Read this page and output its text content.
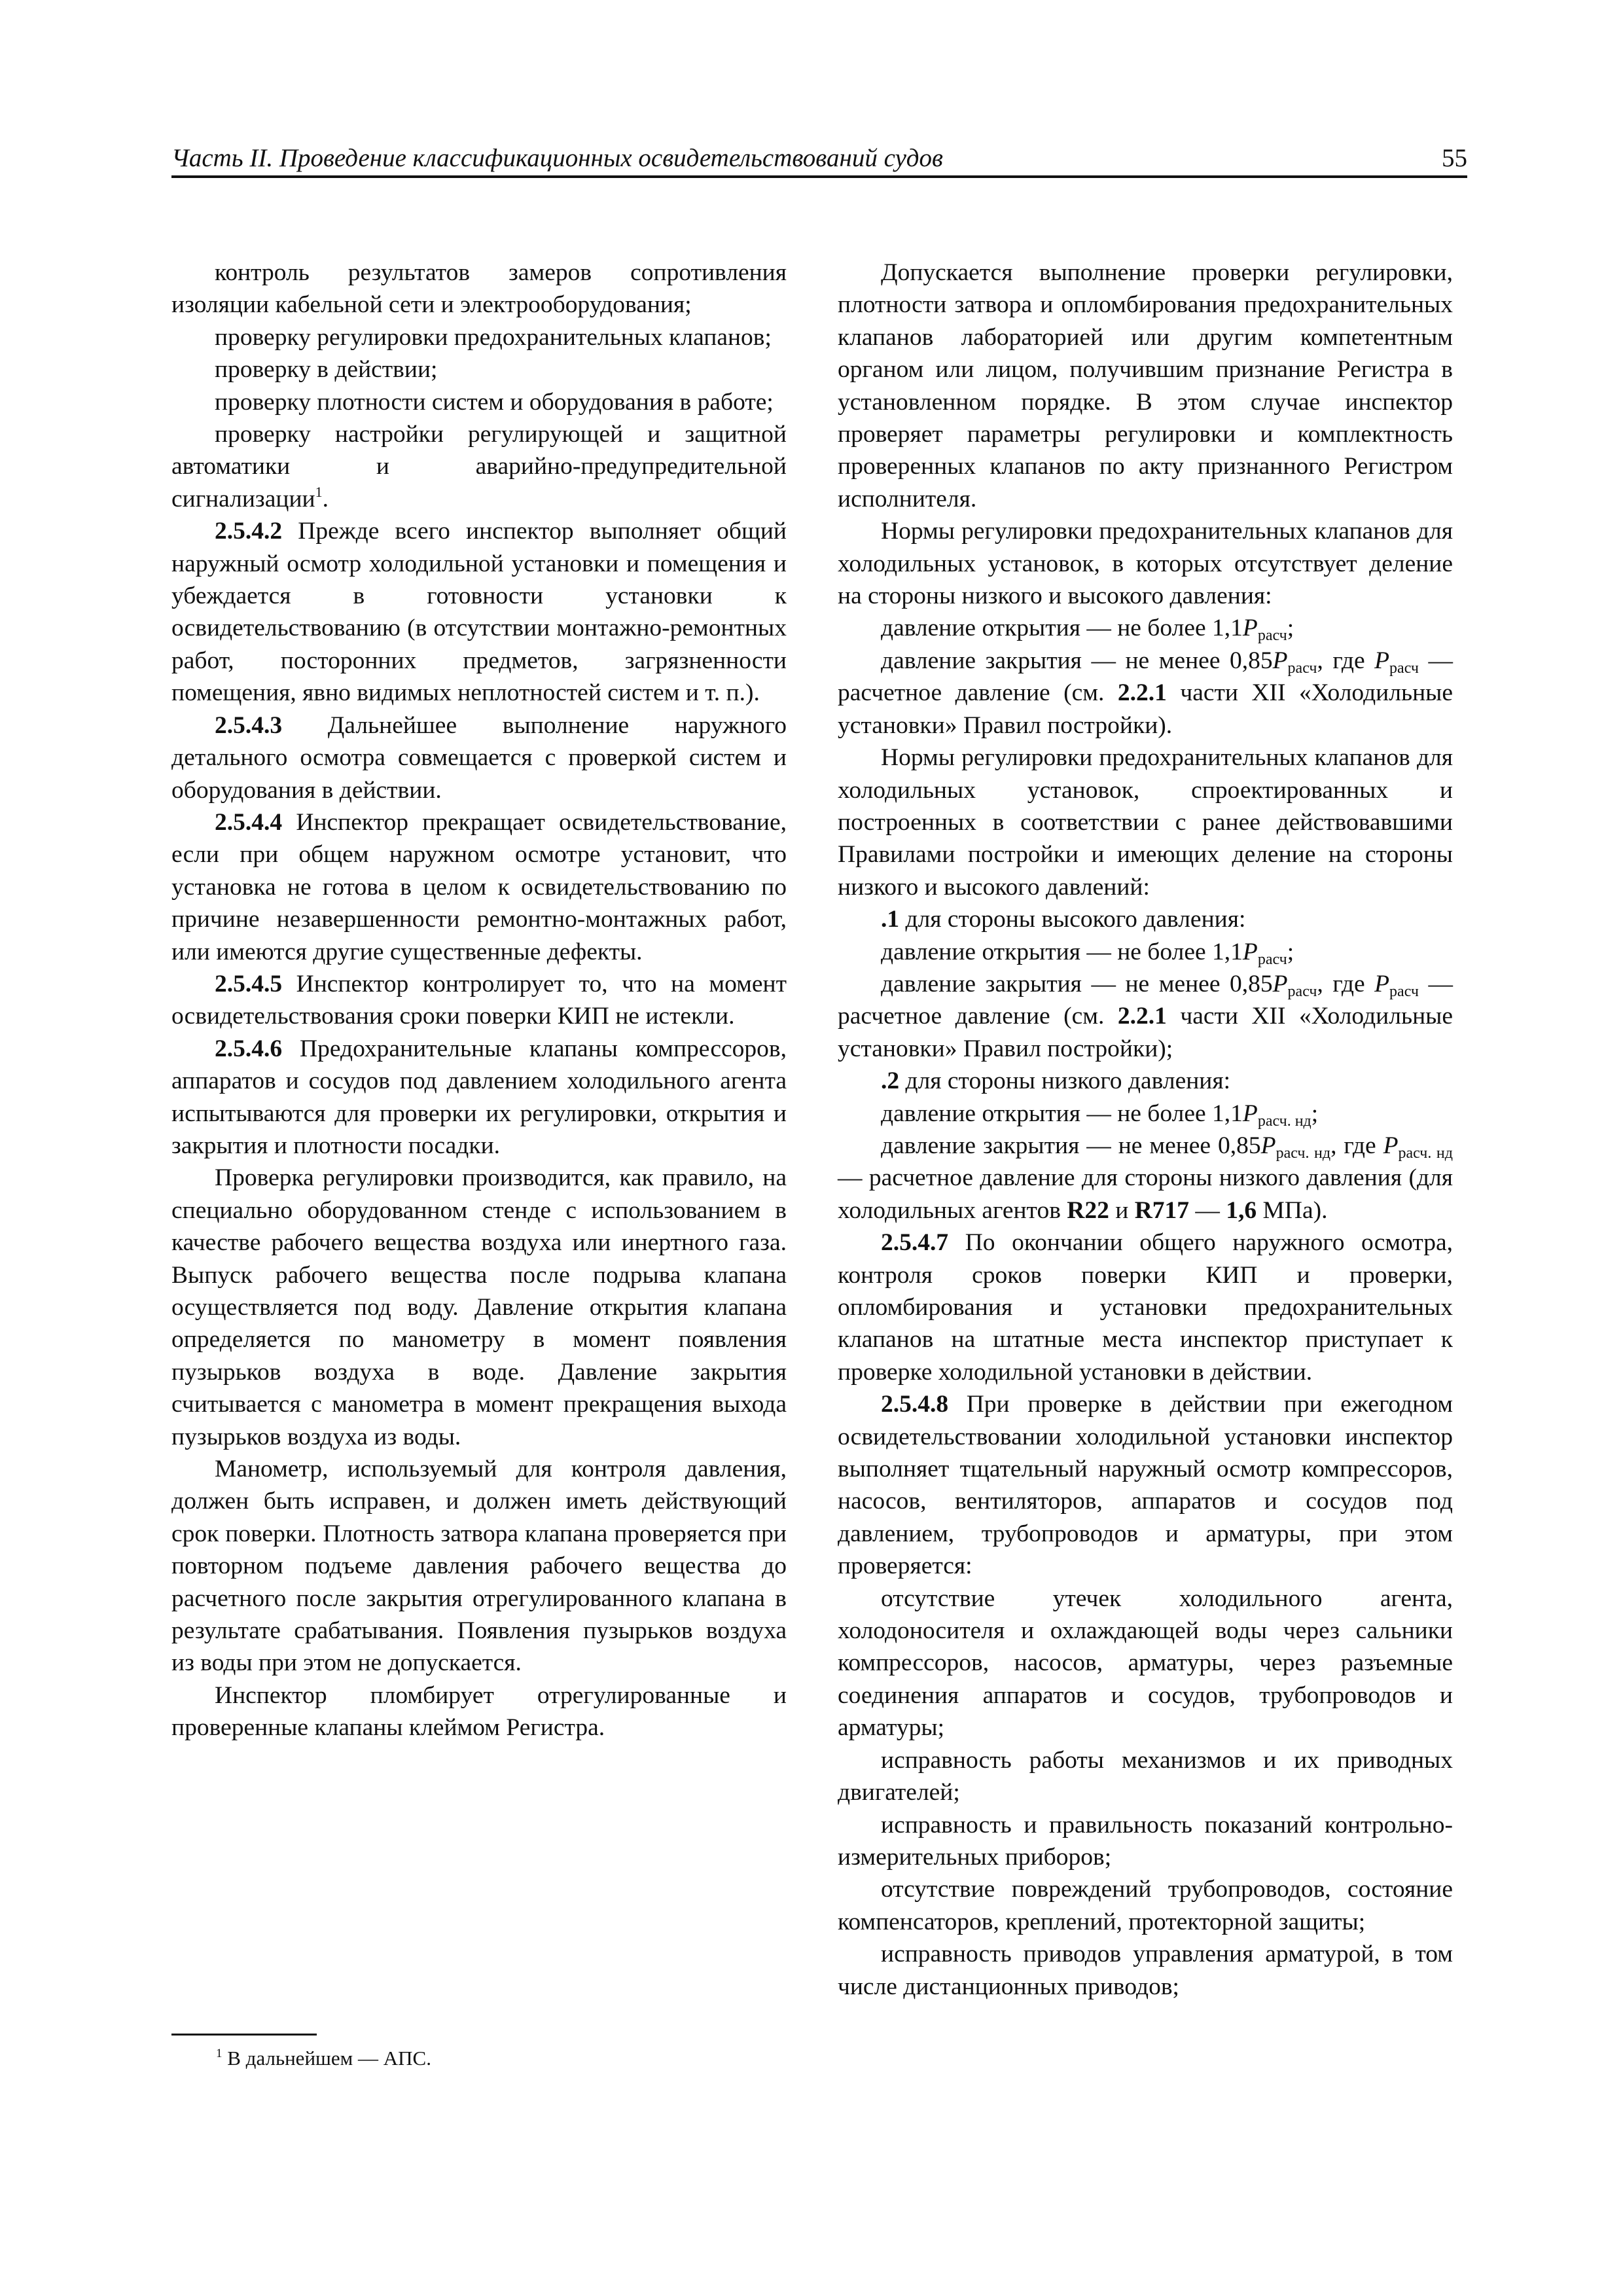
Часть II. Проведение классификационных освидетельствований судов	55

контроль результатов замеров сопротивления изоляции кабельной сети и электрооборудования;

проверку регулировки предохранительных клапанов;

проверку в действии;

проверку плотности систем и оборудования в работе;

проверку настройки регулирующей и защитной автоматики и аварийно-предупредительной сигнализации$^1$.

2.5.4.2 Прежде всего инспектор выполняет общий наружный осмотр холодильной установки и помещения и убеждается в готовности установки к освидетельствованию (в отсутствии монтажно-ремонтных работ, посторонних предметов, загрязненности помещения, явно видимых неплотностей систем и т. п.).

2.5.4.3 Дальнейшее выполнение наружного детального осмотра совмещается с проверкой систем и оборудования в действии.

2.5.4.4 Инспектор прекращает освидетельствование, если при общем наружном осмотре установит, что установка не готова в целом к освидетельствованию по причине незавершенности ремонтно-монтажных работ, или имеются другие существенные дефекты.

2.5.4.5 Инспектор контролирует то, что на момент освидетельствования сроки поверки КИП не истекли.

2.5.4.6 Предохранительные клапаны компрессоров, аппаратов и сосудов под давлением холодильного агента испытываются для проверки их регулировки, открытия и закрытия и плотности посадки.

Проверка регулировки производится, как правило, на специально оборудованном стенде с использованием в качестве рабочего вещества воздуха или инертного газа. Выпуск рабочего вещества после подрыва клапана осуществляется под воду. Давление открытия клапана определяется по манометру в момент появления пузырьков воздуха в воде. Давление закрытия считывается с манометра в момент прекращения выхода пузырьков воздуха из воды.

Манометр, используемый для контроля давления, должен быть исправен, и должен иметь действующий срок поверки. Плотность затвора клапана проверяется при повторном подъеме давления рабочего вещества до расчетного после закрытия отрегулированного клапана в результате срабатывания. Появления пузырьков воздуха из воды при этом не допускается.

Инспектор пломбирует отрегулированные и проверенные клапаны клеймом Регистра.

Допускается выполнение проверки регулировки, плотности затвора и опломбирования предохранительных клапанов лабораторией или другим компетентным органом или лицом, получившим признание Регистра в установленном порядке. В этом случае инспектор проверяет параметры регулировки и комплектность проверенных клапанов по акту признанного Регистром исполнителя.

Нормы регулировки предохранительных клапанов для холодильных установок, в которых отсутствует деление на стороны низкого и высокого давления:

давление открытия — не более $1,1P_{расч}$;

давление закрытия — не менее $0,85P_{расч}$, где $P_{расч}$ — расчетное давление (см. 2.2.1 части XII «Холодильные установки» Правил постройки).

Нормы регулировки предохранительных клапанов для холодильных установок, спроектированных и построенных в соответствии с ранее действовавшими Правилами постройки и имеющих деление на стороны низкого и высокого давлений:

.1 для стороны высокого давления:

давление открытия — не более $1,1P_{расч}$;

давление закрытия — не менее $0,85P_{расч}$, где $P_{расч}$ — расчетное давление (см. 2.2.1 части XII «Холодильные установки» Правил постройки);

.2 для стороны низкого давления:

давление открытия — не более $1,1P_{расч. нд}$;

давление закрытия — не менее $0,85P_{расч. нд}$, где $P_{расч. нд}$ — расчетное давление для стороны низкого давления (для холодильных агентов R22 и R717 — 1,6 МПа).

2.5.4.7 По окончании общего наружного осмотра, контроля сроков поверки КИП и проверки, опломбирования и установки предохранительных клапанов на штатные места инспектор приступает к проверке холодильной установки в действии.

2.5.4.8 При проверке в действии при ежегодном освидетельствовании холодильной установки инспектор выполняет тщательный наружный осмотр компрессоров, насосов, вентиляторов, аппаратов и сосудов под давлением, трубопроводов и арматуры, при этом проверяется:

отсутствие утечек холодильного агента, холодоносителя и охлаждающей воды через сальники компрессоров, насосов, арматуры, через разъемные соединения аппаратов и сосудов, трубопроводов и арматуры;

исправность работы механизмов и их приводных двигателей;

исправность и правильность показаний контрольно-измерительных приборов;

отсутствие повреждений трубопроводов, состояние компенсаторов, креплений, протекторной защиты;

исправность приводов управления арматурой, в том числе дистанционных приводов;

$^1$ В дальнейшем — АПС.
